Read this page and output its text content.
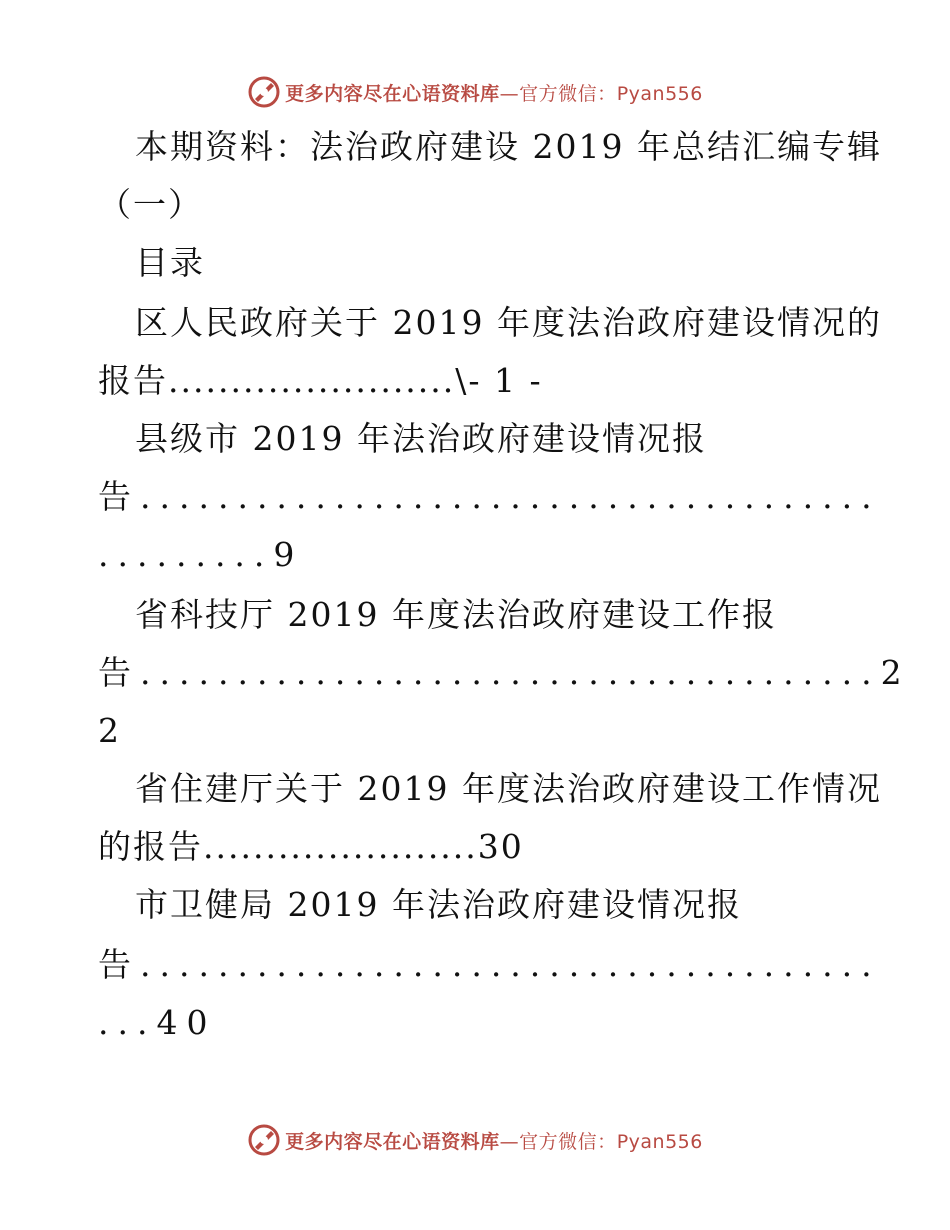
更多内容尽在心语资料库—官方微信：Pyan556
本期资料：法治政府建设 2019 年总结汇编专辑
（一）
目录
区人民政府关于 2019 年度法治政府建设情况的
报告.......................\- 1 -
县级市 2019 年法治政府建设情况报
告......................................
.........9
省科技厅 2019 年度法治政府建设工作报
告......................................2
2
省住建厅关于 2019 年度法治政府建设工作情况
的报告......................30
市卫健局 2019 年法治政府建设情况报
告......................................
...40
更多内容尽在心语资料库—官方微信：Pyan556
